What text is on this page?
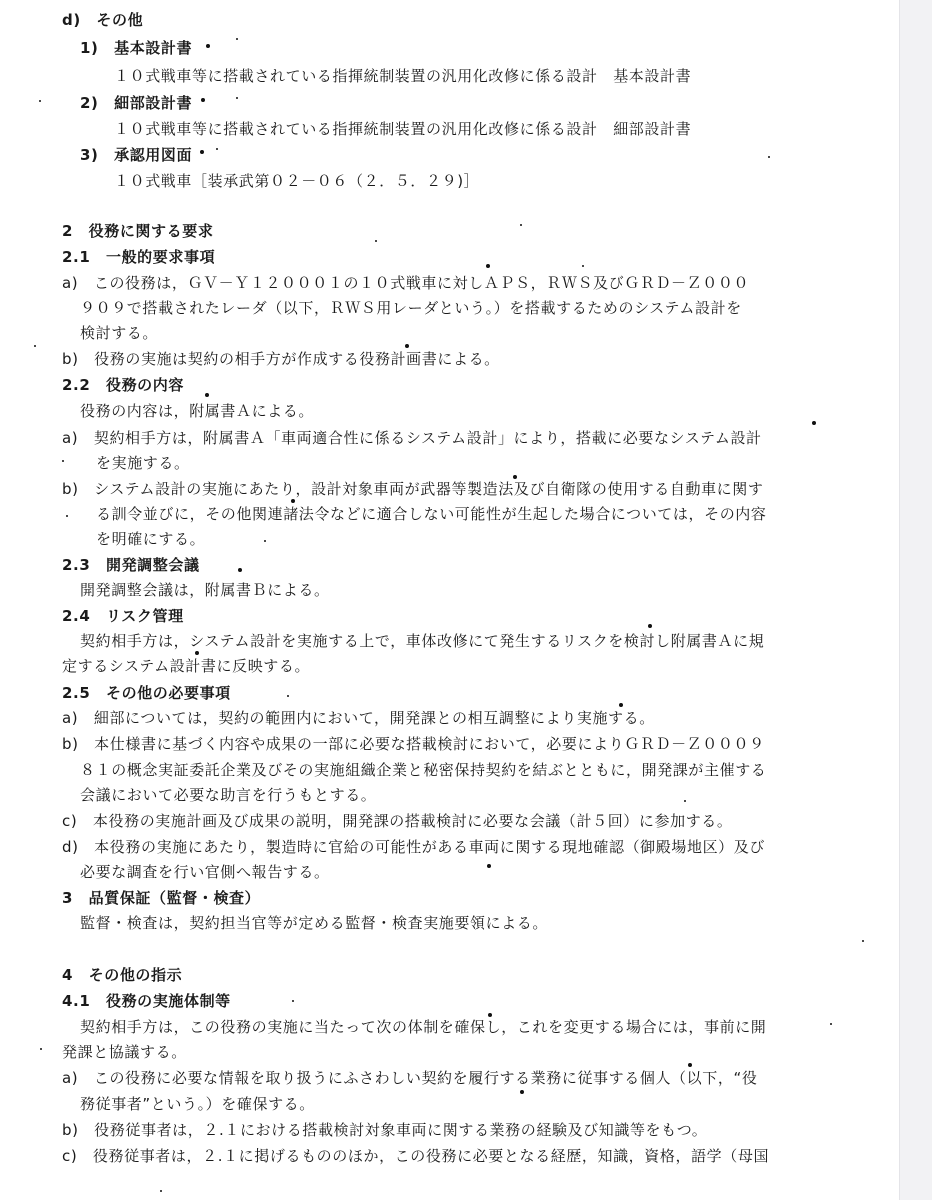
d)　その他
1)　基本設計書
１０式戦車等に搭載されている指揮統制装置の汎用化改修に係る設計　基本設計書
2)　細部設計書
１０式戦車等に搭載されている指揮統制装置の汎用化改修に係る設計　細部設計書
3)　承認用図面
１０式戦車［装承武第０２－０６（２．５．２９)］
2　役務に関する要求
2.1　一般的要求事項
a)　この役務は，ＧＶ－Ｙ１２０００１の１０式戦車に対しＡＰＳ，ＲＷＳ及びＧＲＤ－Ｚ０００
９０９で搭載されたレーダ（以下，ＲＷＳ用レーダという。）を搭載するためのシステム設計を
検討する。
b)　役務の実施は契約の相手方が作成する役務計画書による。
2.2　役務の内容
役務の内容は，附属書Ａによる。
a)　契約相手方は，附属書Ａ「車両適合性に係るシステム設計」により，搭載に必要なシステム設計
を実施する。
b)　システム設計の実施にあたり，設計対象車両が武器等製造法及び自衛隊の使用する自動車に関す
る訓令並びに，その他関連諸法令などに適合しない可能性が生起した場合については，その内容
を明確にする。
2.3　開発調整会議
開発調整会議は，附属書Ｂによる。
2.4　リスク管理
契約相手方は，システム設計を実施する上で，車体改修にて発生するリスクを検討し附属書Ａに規
定するシステム設計書に反映する。
2.5　その他の必要事項
a)　細部については，契約の範囲内において，開発課との相互調整により実施する。
b)　本仕様書に基づく内容や成果の一部に必要な搭載検討において，必要によりＧＲＤ－Ｚ０００９
８１の概念実証委託企業及びその実施組織企業と秘密保持契約を結ぶとともに，開発課が主催する
会議において必要な助言を行うもとする。
c)　本役務の実施計画及び成果の説明，開発課の搭載検討に必要な会議（計５回）に参加する。
d)　本役務の実施にあたり，製造時に官給の可能性がある車両に関する現地確認（御殿場地区）及び
必要な調査を行い官側へ報告する。
3　品質保証（監督・検査）
監督・検査は，契約担当官等が定める監督・検査実施要領による。
4　その他の指示
4.1　役務の実施体制等
契約相手方は，この役務の実施に当たって次の体制を確保し，これを変更する場合には，事前に開
発課と協議する。
a)　この役務に必要な情報を取り扱うにふさわしい契約を履行する業務に従事する個人（以下，“役
務従事者”という。）を確保する。
b)　役務従事者は，２.１における搭載検討対象車両に関する業務の経験及び知識等をもつ。
c)　役務従事者は，２.１に掲げるもののほか，この役務に必要となる経歴，知識，資格，語学（母国
